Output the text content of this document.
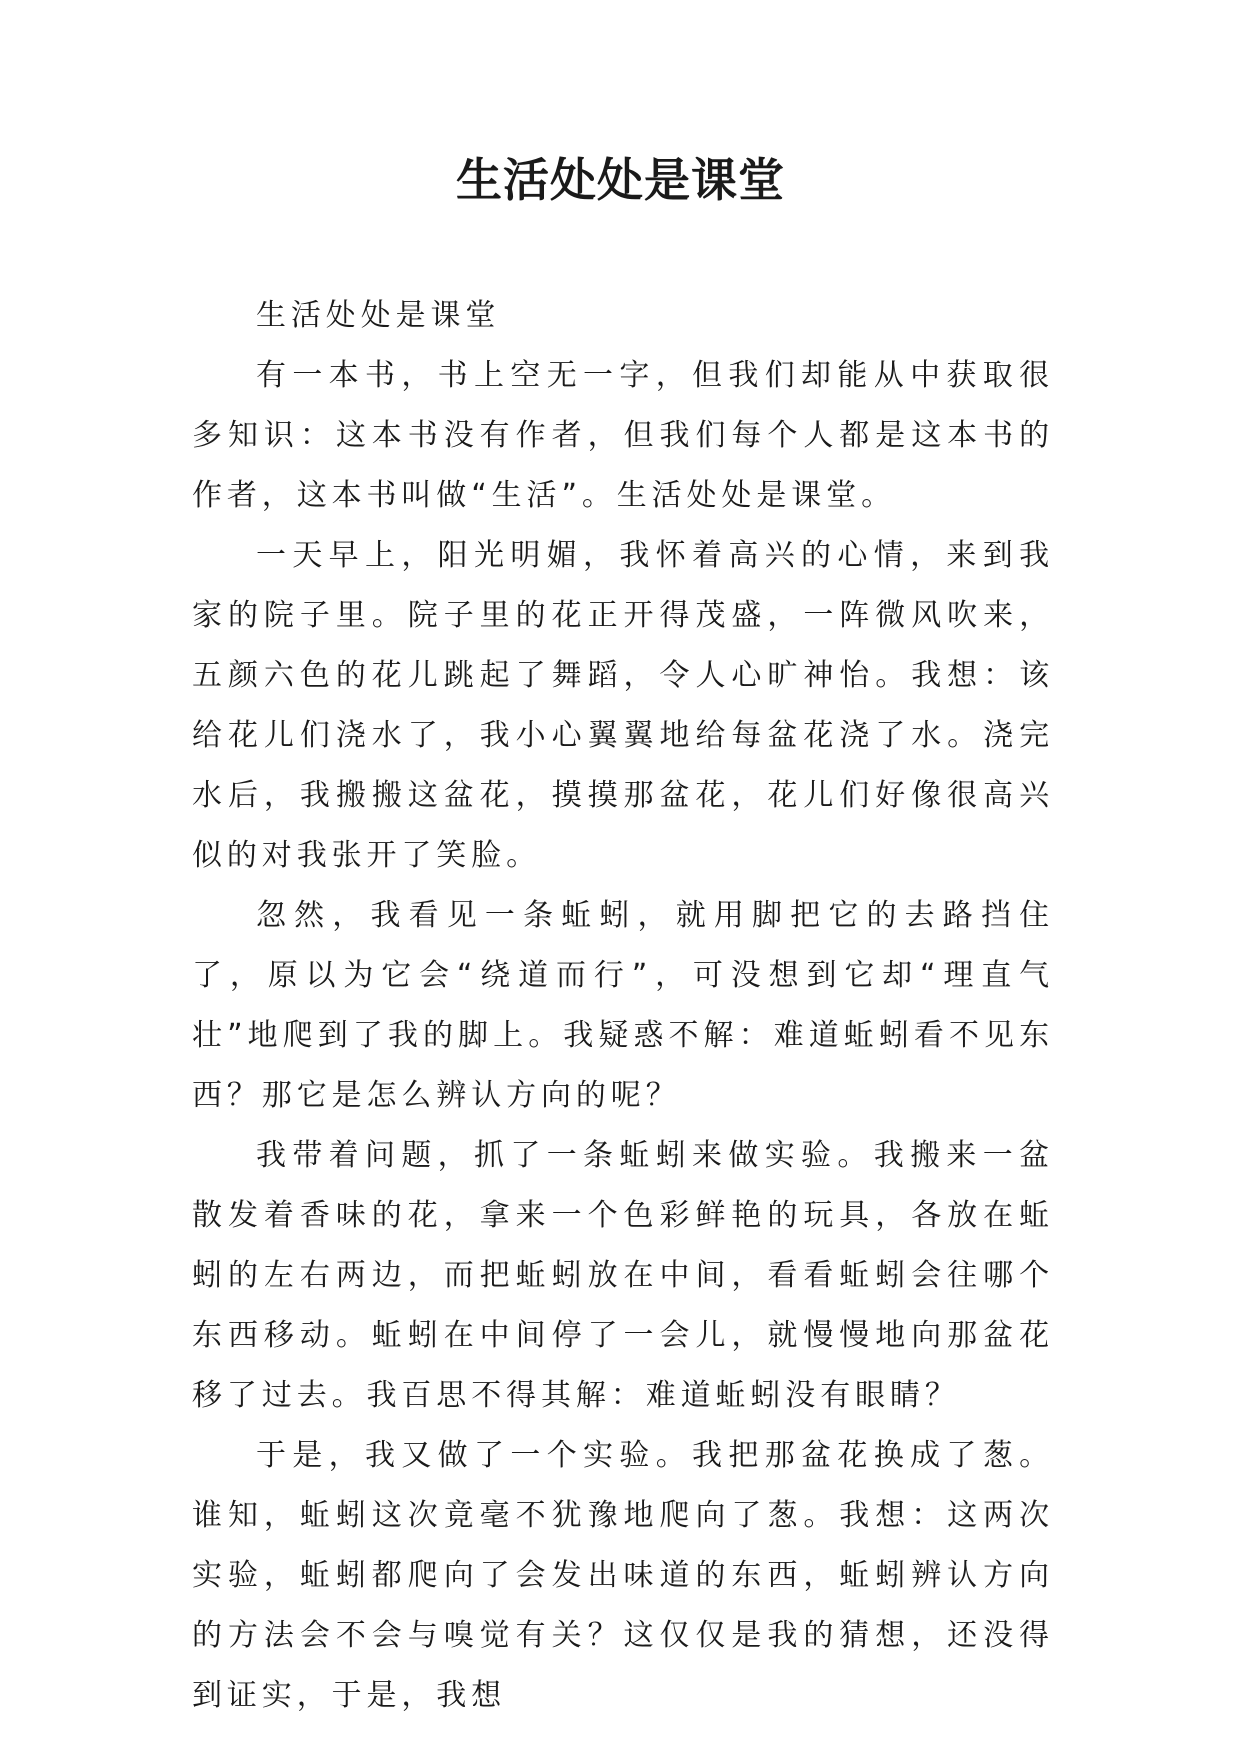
生活处处是课堂

生活处处是课堂

有一本书，书上空无一字，但我们却能从中获取很多知识：这本书没有作者，但我们每个人都是这本书的作者，这本书叫做“生活”。生活处处是课堂。

一天早上，阳光明媚，我怀着高兴的心情，来到我家的院子里。院子里的花正开得茂盛，一阵微风吹来，五颜六色的花儿跳起了舞蹈，令人心旷神怡。我想：该给花儿们浇水了，我小心翼翼地给每盆花浇了水。浇完水后，我搬搬这盆花，摸摸那盆花，花儿们好像很高兴似的对我张开了笑脸。

忽然，我看见一条蚯蚓，就用脚把它的去路挡住了，原以为它会“绕道而行”，可没想到它却“理直气壮”地爬到了我的脚上。我疑惑不解：难道蚯蚓看不见东西？那它是怎么辨认方向的呢？

我带着问题，抓了一条蚯蚓来做实验。我搬来一盆散发着香味的花，拿来一个色彩鲜艳的玩具，各放在蚯蚓的左右两边，而把蚯蚓放在中间，看看蚯蚓会往哪个东西移动。蚯蚓在中间停了一会儿，就慢慢地向那盆花移了过去。我百思不得其解：难道蚯蚓没有眼睛？

于是，我又做了一个实验。我把那盆花换成了葱。谁知，蚯蚓这次竟毫不犹豫地爬向了葱。我想：这两次实验，蚯蚓都爬向了会发出味道的东西，蚯蚓辨认方向的方法会不会与嗅觉有关？这仅仅是我的猜想，还没得到证实，于是，我想
